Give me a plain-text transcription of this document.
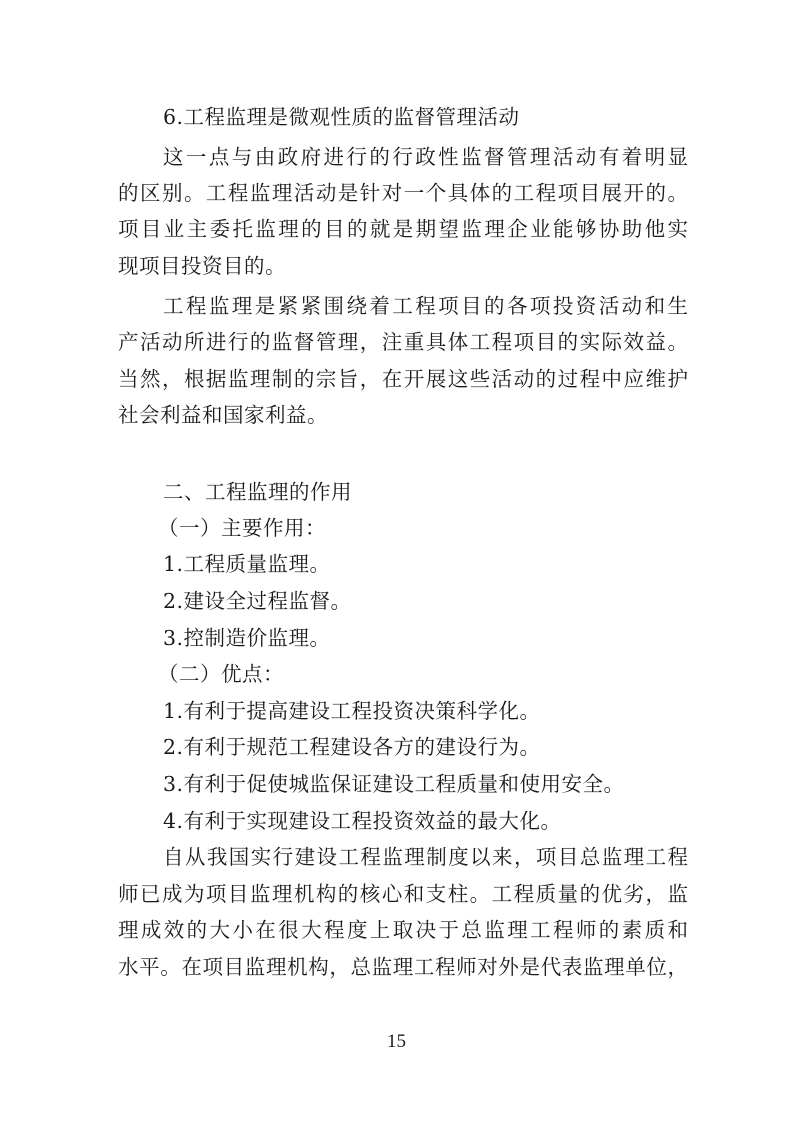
6.工程监理是微观性质的监督管理活动
这一点与由政府进行的行政性监督管理活动有着明显
的区别。工程监理活动是针对一个具体的工程项目展开的。
项目业主委托监理的目的就是期望监理企业能够协助他实
现项目投资目的。
工程监理是紧紧围绕着工程项目的各项投资活动和生
产活动所进行的监督管理，注重具体工程项目的实际效益。
当然，根据监理制的宗旨，在开展这些活动的过程中应维护
社会利益和国家利益。
二、工程监理的作用
（一）主要作用：
1.工程质量监理。
2.建设全过程监督。
3.控制造价监理。
（二）优点：
1.有利于提高建设工程投资决策科学化。
2.有利于规范工程建设各方的建设行为。
3.有利于促使城监保证建设工程质量和使用安全。
4.有利于实现建设工程投资效益的最大化。
自从我国实行建设工程监理制度以来，项目总监理工程
师已成为项目监理机构的核心和支柱。工程质量的优劣，监
理成效的大小在很大程度上取决于总监理工程师的素质和
水平。在项目监理机构，总监理工程师对外是代表监理单位，
15
